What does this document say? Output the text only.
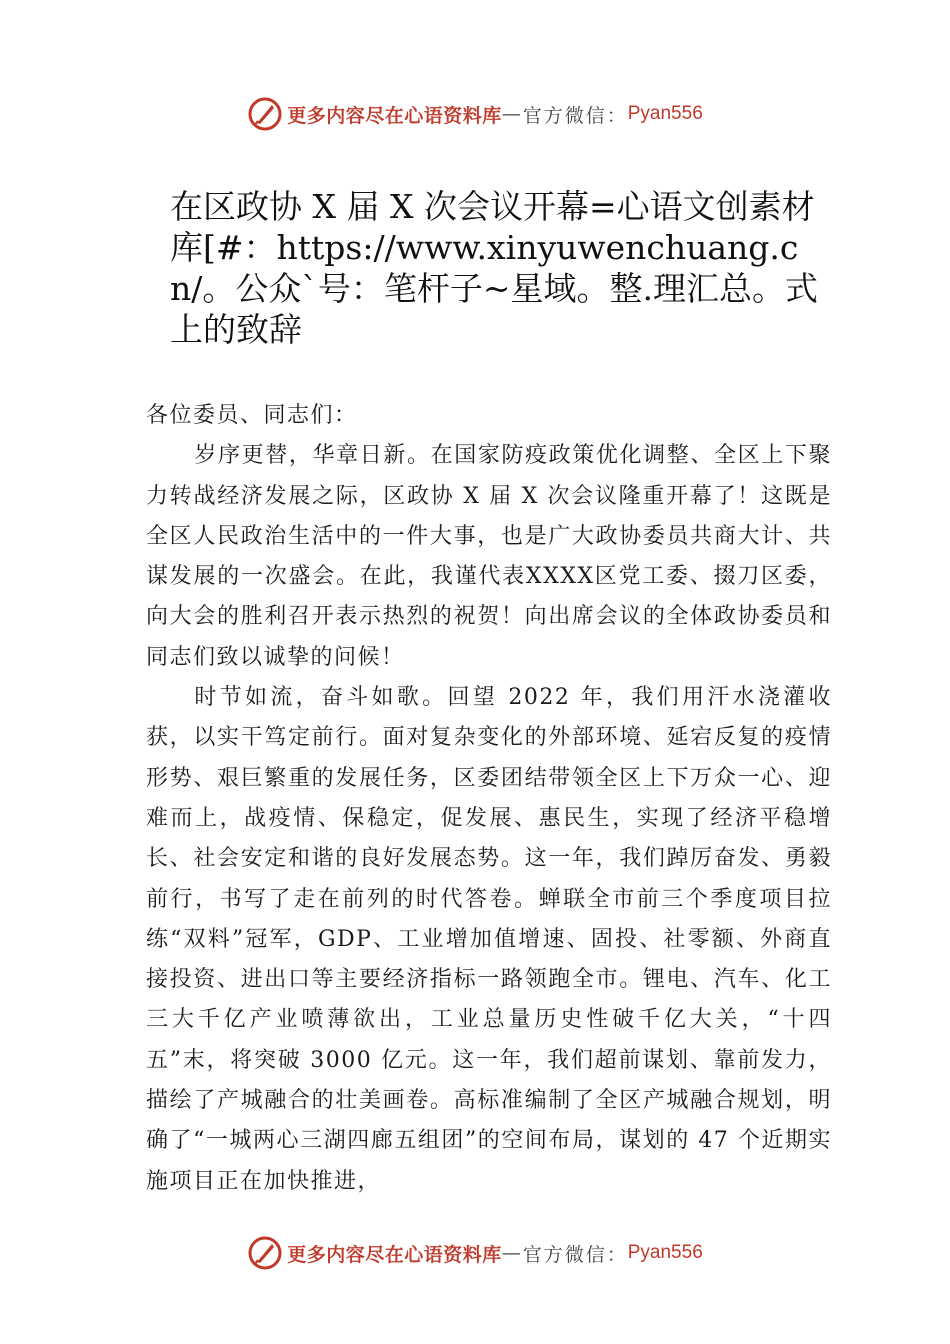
更多内容尽在心语资料库 — 官方微信： Pyan556
在区政协 X 届 X 次会议开幕=心语文创素材库[#：https://www.xinyuwenchuang.cn/。公众`号：笔杆子~星域。整.理汇总。式上的致辞

各位委员、同志们：

岁序更替，华章日新。在国家防疫政策优化调整、全区上下聚力转战经济发展之际，区政协 X 届 X 次会议隆重开幕了！这既是全区人民政治生活中的一件大事，也是广大政协委员共商大计、共谋发展的一次盛会。在此，我谨代表XXXX区党工委、掇刀区委，向大会的胜利召开表示热烈的祝贺！向出席会议的全体政协委员和同志们致以诚挚的问候！

时节如流，奋斗如歌。回望 2022 年，我们用汗水浇灌收获，以实干笃定前行。面对复杂变化的外部环境、延宕反复的疫情形势、艰巨繁重的发展任务，区委团结带领全区上下万众一心、迎难而上，战疫情、保稳定，促发展、惠民生，实现了经济平稳增长、社会安定和谐的良好发展态势。这一年，我们踔厉奋发、勇毅前行，书写了走在前列的时代答卷。蝉联全市前三个季度项目拉练“双料”冠军，GDP、工业增加值增速、固投、社零额、外商直接投资、进出口等主要经济指标一路领跑全市。锂电、汽车、化工三大千亿产业喷薄欲出，工业总量历史性破千亿大关，“十四五”末，将突破 3000 亿元。这一年，我们超前谋划、靠前发力，描绘了产城融合的壮美画卷。高标准编制了全区产城融合规划，明确了“一城两心三湖四廊五组团”的空间布局，谋划的 47 个近期实施项目正在加快推进，

更多内容尽在心语资料库 — 官方微信： Pyan556
